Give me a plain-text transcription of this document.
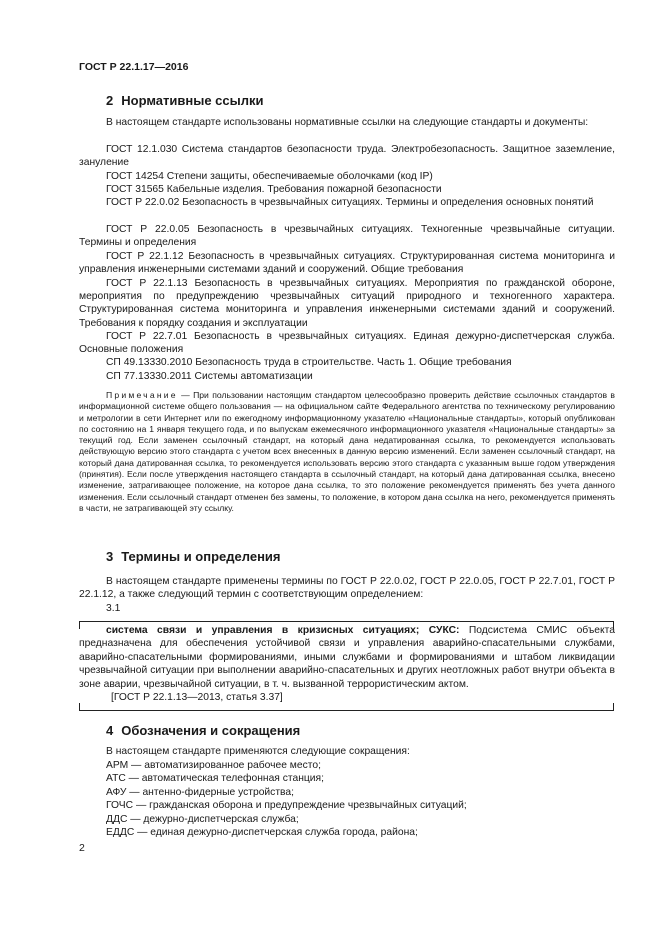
ГОСТ Р 22.1.17—2016
2 Нормативные ссылки
В настоящем стандарте использованы нормативные ссылки на следующие стандарты и документы:
ГОСТ 12.1.030 Система стандартов безопасности труда. Электробезопасность. Защитное заземление, зануление
ГОСТ 14254 Степени защиты, обеспечиваемые оболочками (код IP)
ГОСТ 31565 Кабельные изделия. Требования пожарной безопасности
ГОСТ Р 22.0.02 Безопасность в чрезвычайных ситуациях. Термины и определения основных понятий
ГОСТ Р 22.0.05 Безопасность в чрезвычайных ситуациях. Техногенные чрезвычайные ситуации. Термины и определения
ГОСТ Р 22.1.12 Безопасность в чрезвычайных ситуациях. Структурированная система мониторинга и управления инженерными системами зданий и сооружений. Общие требования
ГОСТ Р 22.1.13 Безопасность в чрезвычайных ситуациях. Мероприятия по гражданской обороне, мероприятия по предупреждению чрезвычайных ситуаций природного и техногенного характера. Структурированная система мониторинга и управления инженерными системами зданий и сооружений. Требования к порядку создания и эксплуатации
ГОСТ Р 22.7.01 Безопасность в чрезвычайных ситуациях. Единая дежурно-диспетчерская служба. Основные положения
СП 49.13330.2010 Безопасность труда в строительстве. Часть 1. Общие требования
СП 77.13330.2011 Системы автоматизации
Примечание — При пользовании настоящим стандартом целесообразно проверить действие ссылочных стандартов в информационной системе общего пользования — на официальном сайте Федерального агентства по техническому регулированию и метрологии в сети Интернет или по ежегодному информационному указателю «Национальные стандарты», который опубликован по состоянию на 1 января текущего года, и по выпускам ежемесячного информационного указателя «Национальные стандарты» за текущий год. Если заменен ссылочный стандарт, на который дана недатированная ссылка, то рекомендуется использовать действующую версию этого стандарта с учетом всех внесенных в данную версию изменений. Если заменен ссылочный стандарт, на который дана датированная ссылка, то рекомендуется использовать версию этого стандарта с указанным выше годом утверждения (принятия). Если после утверждения настоящего стандарта в ссылочный стандарт, на который дана датированная ссылка, внесено изменение, затрагивающее положение, на которое дана ссылка, то это положение рекомендуется применять без учета данного изменения. Если ссылочный стандарт отменен без замены, то положение, в котором дана ссылка на него, рекомендуется применять в части, не затрагивающей эту ссылку.
3 Термины и определения
В настоящем стандарте применены термины по ГОСТ Р 22.0.02, ГОСТ Р 22.0.05, ГОСТ Р 22.7.01, ГОСТ Р 22.1.12, а также следующий термин с соответствующим определением:
3.1
система связи и управления в кризисных ситуациях; СУКС: Подсистема СМИС объекта предназначена для обеспечения устойчивой связи и управления аварийно-спасательными службами, аварийно-спасательными формированиями, иными службами и формированиями и штабом ликвидации чрезвычайной ситуации при выполнении аварийно-спасательных и других неотложных работ внутри объекта в зоне аварии, чрезвычайной ситуации, в т. ч. вызванной террористическим актом.
[ГОСТ Р 22.1.13—2013, статья 3.37]
4 Обозначения и сокращения
В настоящем стандарте применяются следующие сокращения:
АРМ — автоматизированное рабочее место;
АТС — автоматическая телефонная станция;
АФУ — антенно-фидерные устройства;
ГОЧС — гражданская оборона и предупреждение чрезвычайных ситуаций;
ДДС — дежурно-диспетчерская служба;
ЕДДС — единая дежурно-диспетчерская служба города, района;
2
